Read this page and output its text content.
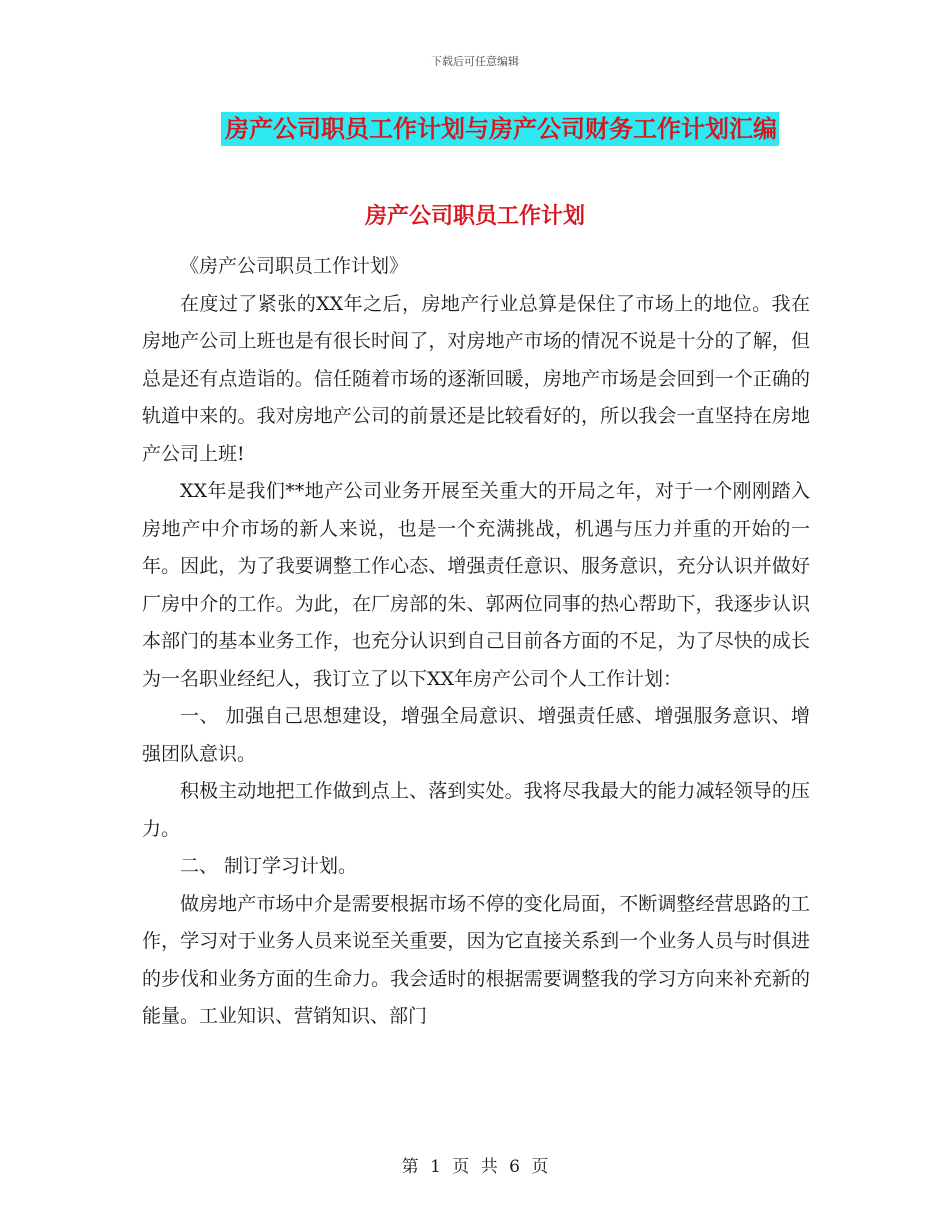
下载后可任意编辑
房产公司职员工作计划与房产公司财务工作计划汇编
房产公司职员工作计划

《房产公司职员工作计划》

在度过了紧张的XX年之后，房地产行业总算是保住了市场上的地位。我在房地产公司上班也是有很长时间了，对房地产市场的情况不说是十分的了解，但总是还有点造诣的。信任随着市场的逐渐回暖，房地产市场是会回到一个正确的轨道中来的。我对房地产公司的前景还是比较看好的，所以我会一直坚持在房地产公司上班!

XX年是我们**地产公司业务开展至关重大的开局之年，对于一个刚刚踏入房地产中介市场的新人来说，也是一个充满挑战，机遇与压力并重的开始的一年。因此，为了我要调整工作心态、增强责任意识、服务意识，充分认识并做好厂房中介的工作。为此，在厂房部的朱、郭两位同事的热心帮助下，我逐步认识本部门的基本业务工作，也充分认识到自己目前各方面的不足，为了尽快的成长为一名职业经纪人，我订立了以下XX年房产公司个人工作计划：

一、 加强自己思想建设，增强全局意识、增强责任感、增强服务意识、增强团队意识。

积极主动地把工作做到点上、落到实处。我将尽我最大的能力减轻领导的压力。

二、 制订学习计划。

做房地产市场中介是需要根据市场不停的变化局面，不断调整经营思路的工作，学习对于业务人员来说至关重要，因为它直接关系到一个业务人员与时俱进的步伐和业务方面的生命力。我会适时的根据需要调整我的学习方向来补充新的能量。工业知识、营销知识、部门

第 1 页 共 6 页
